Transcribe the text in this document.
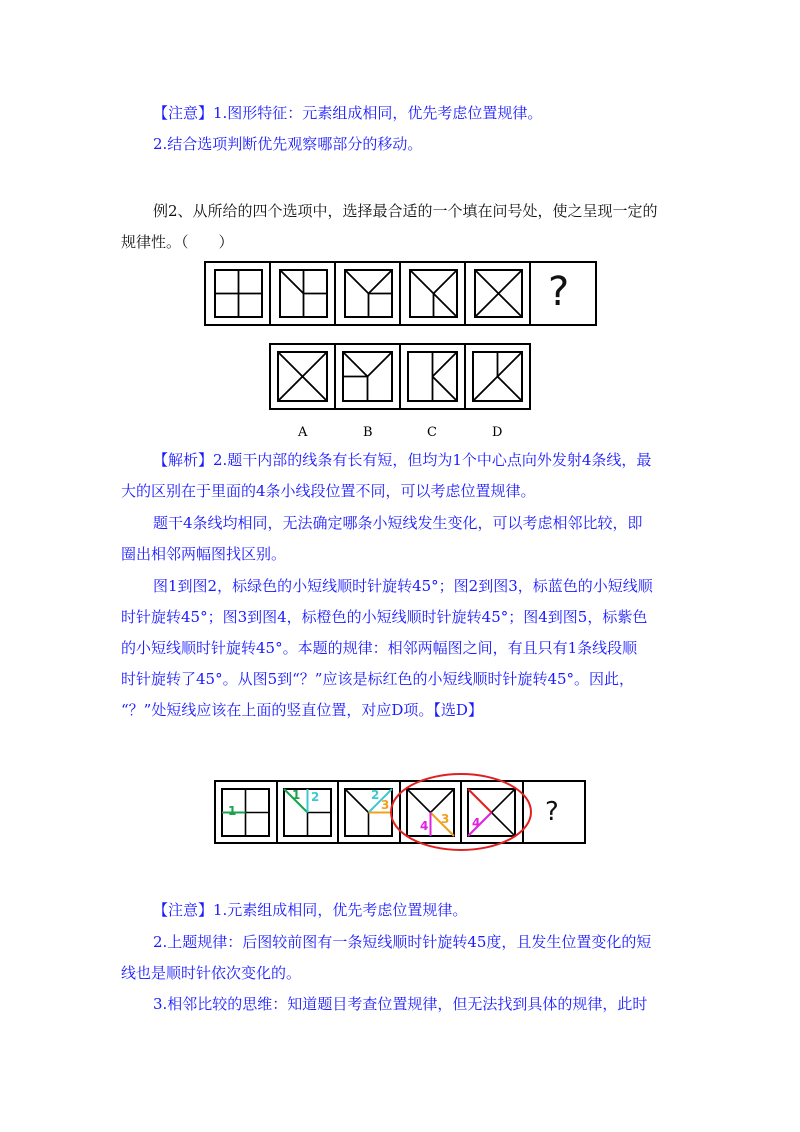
【注意】1.图形特征：元素组成相同，优先考虑位置规律。
2.结合选项判断优先观察哪部分的移动。
例2、从所给的四个选项中，选择最合适的一个填在问号处，使之呈现一定的
规律性。（　　）
?
A	B	C	D
【解析】2.题干内部的线条有长有短，但均为1个中心点向外发射4条线，最
大的区别在于里面的4条小线段位置不同，可以考虑位置规律。
题干4条线均相同，无法确定哪条小短线发生变化，可以考虑相邻比较，即
圈出相邻两幅图找区别。
图1到图2，标绿色的小短线顺时针旋转45°；图2到图3，标蓝色的小短线顺
时针旋转45°；图3到图4，标橙色的小短线顺时针旋转45°；图4到图5，标紫色
的小短线顺时针旋转45°。本题的规律：相邻两幅图之间，有且只有1条线段顺
时针旋转了45°。从图5到“？”应该是标红色的小短线顺时针旋转45°。因此，
“？”处短线应该在上面的竖直位置，对应D项。【选D】
1
1 2	2
3
4 3 4 ?
【注意】1.元素组成相同，优先考虑位置规律。
2.上题规律：后图较前图有一条短线顺时针旋转45度，且发生位置变化的短
线也是顺时针依次变化的。
3.相邻比较的思维：知道题目考查位置规律，但无法找到具体的规律，此时
